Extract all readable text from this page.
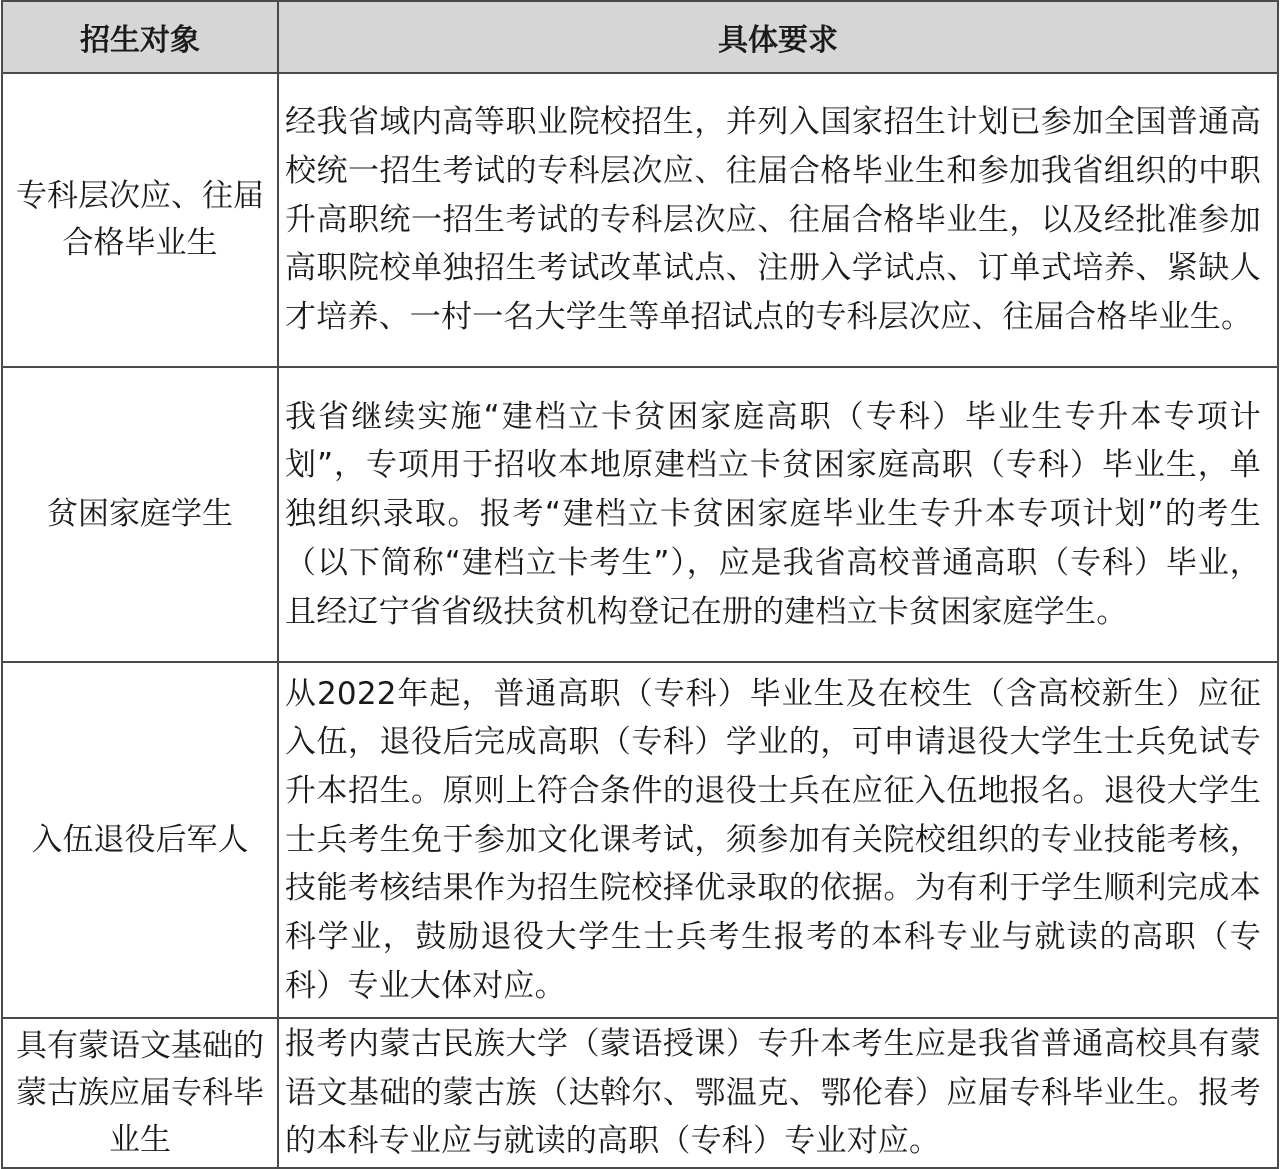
招生对象	具体要求
专科层次应、往届合格毕业生	经我省域内高等职业院校招生，并列入国家招生计划已参加全国普通高校统一招生考试的专科层次应、往届合格毕业生和参加我省组织的中职升高职统一招生考试的专科层次应、往届合格毕业生，以及经批准参加高职院校单独招生考试改革试点、注册入学试点、订单式培养、紧缺人才培养、一村一名大学生等单招试点的专科层次应、往届合格毕业生。
贫困家庭学生	我省继续实施“建档立卡贫困家庭高职（专科）毕业生专升本专项计划”，专项用于招收本地原建档立卡贫困家庭高职（专科）毕业生，单独组织录取。报考“建档立卡贫困家庭毕业生专升本专项计划”的考生（以下简称“建档立卡考生”），应是我省高校普通高职（专科）毕业，且经辽宁省省级扶贫机构登记在册的建档立卡贫困家庭学生。
入伍退役后军人	从2022年起，普通高职（专科）毕业生及在校生（含高校新生）应征入伍，退役后完成高职（专科）学业的，可申请退役大学生士兵免试专升本招生。原则上符合条件的退役士兵在应征入伍地报名。退役大学生士兵考生免于参加文化课考试，须参加有关院校组织的专业技能考核，技能考核结果作为招生院校择优录取的依据。为有利于学生顺利完成本科学业，鼓励退役大学生士兵考生报考的本科专业与就读的高职（专科）专业大体对应。
具有蒙语文基础的蒙古族应届专科毕业生	报考内蒙古民族大学（蒙语授课）专升本考生应是我省普通高校具有蒙语文基础的蒙古族（达斡尔、鄂温克、鄂伦春）应届专科毕业生。报考的本科专业应与就读的高职（专科）专业对应。
